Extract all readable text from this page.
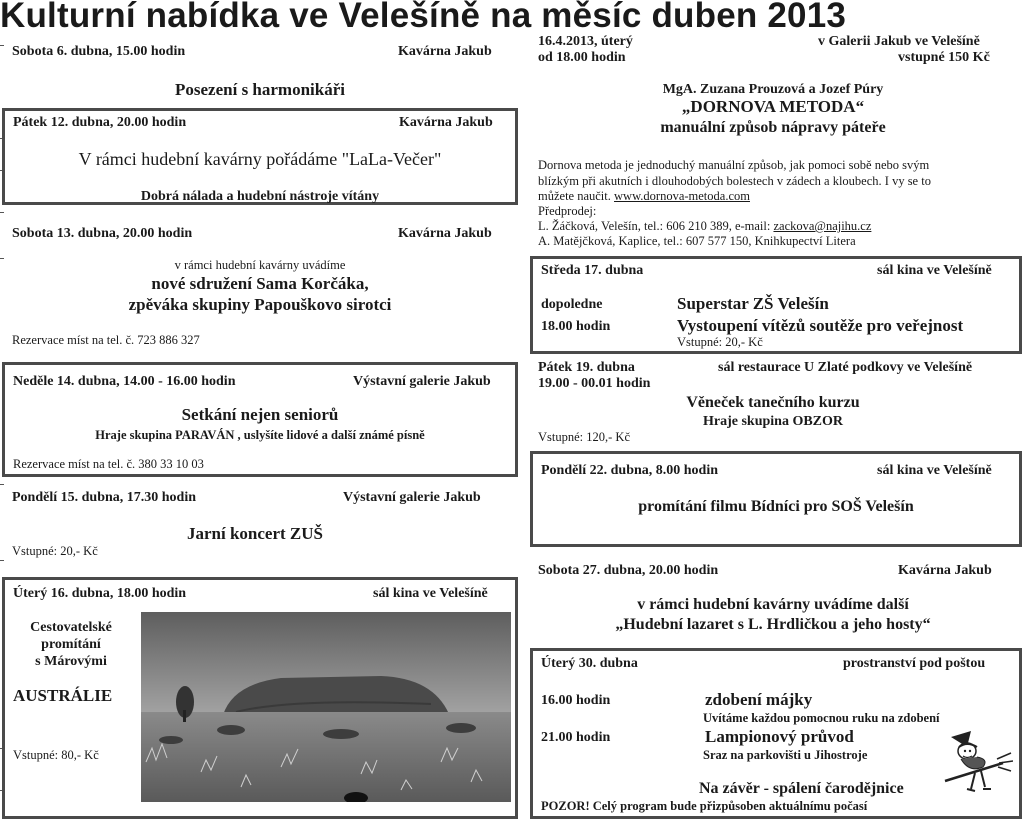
Kulturní nabídka ve Velešíně na měsíc duben 2013
Sobota 6. dubna, 15.00 hodin	Kavárna Jakub
Posezení s harmonikáři
Pátek 12. dubna, 20.00 hodin	Kavárna Jakub
V rámci hudební kavárny pořádáme "LaLa-Večer"
Dobrá nálada a hudební nástroje vítány
Sobota 13. dubna, 20.00 hodin	Kavárna Jakub
v rámci hudební kavárny uvádíme
nové sdružení Sama Korčáka,
zpěváka skupiny Papouškovo sirotci
Rezervace míst na tel. č. 723 886 327
Neděle 14. dubna, 14.00 - 16.00 hodin	Výstavní galerie Jakub
Setkání nejen seniorů
Hraje skupina PARAVÁN , uslyšíte lidové a další známé písně
Rezervace míst na tel. č. 380 33 10 03
Pondělí 15. dubna, 17.30 hodin	Výstavní galerie Jakub
Jarní koncert ZUŠ
Vstupné: 20,- Kč
Úterý 16. dubna, 18.00 hodin	sál kina ve Velešíně
Cestovatelské
promítání
s Márovými
AUSTRÁLIE
Vstupné: 80,- Kč
16.4.2013, úterý
od 18.00 hodin
v Galerii Jakub ve Velešíně
vstupné 150 Kč
MgA. Zuzana Prouzová a Jozef Púry
„DORNOVA METODA“
manuální způsob nápravy páteře
Dornova metoda je jednoduchý manuální způsob, jak pomoci sobě nebo svým
blízkým při akutních i dlouhodobých bolestech v zádech a kloubech. I vy se to
můžete naučit. www.dornova-metoda.com
Předprodej:
L. Žáčková, Velešín, tel.: 606 210 389, e-mail: zackova@najihu.cz
A. Matějčková, Kaplice, tel.: 607 577 150, Knihkupectví Litera
Středa 17. dubna	sál kina ve Velešíně
dopoledne	Superstar ZŠ Velešín
18.00 hodin	Vystoupení vítězů soutěže pro veřejnost
Vstupné: 20,- Kč
Pátek 19. dubna	sál restaurace U Zlaté podkovy ve Velešíně
19.00 - 00.01 hodin
Věneček tanečního kurzu
Hraje skupina OBZOR
Vstupné: 120,- Kč
Pondělí 22. dubna, 8.00 hodin	sál kina ve Velešíně
promítání filmu Bídníci pro SOŠ Velešín
Sobota 27. dubna, 20.00 hodin	Kavárna Jakub
v rámci hudební kavárny uvádíme další
„Hudební lazaret s L. Hrdličkou a jeho hosty“
Úterý 30. dubna	prostranství pod poštou
16.00 hodin	zdobení májky
Uvítáme každou pomocnou ruku na zdobení
21.00 hodin	Lampionový průvod
Sraz na parkovišti u Jihostroje
Na závěr - spálení čarodějnice
POZOR! Celý program bude přizpůsoben aktuálnímu počasí
